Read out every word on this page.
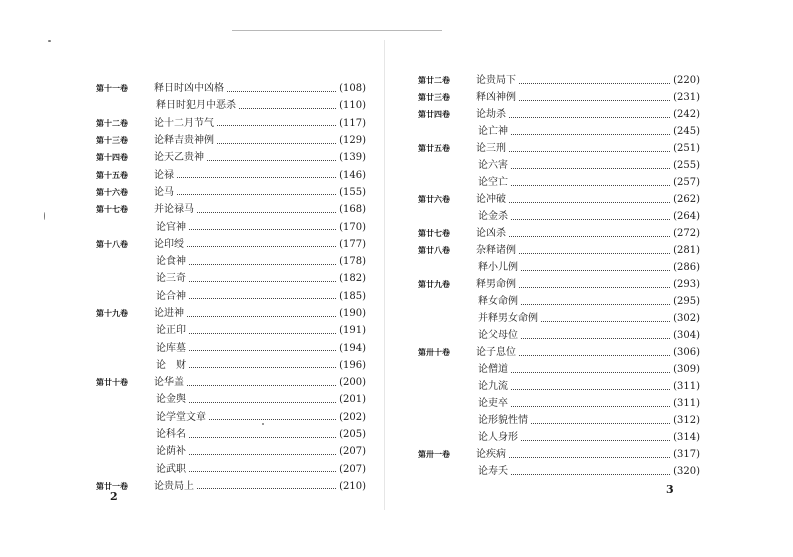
第十一卷	释日时凶中凶格	(108)
释日时犯月中恶杀	(110)
第十二卷	论十二月节气	(117)
第十三卷	论释吉贵神例	(129)
第十四卷	论天乙贵神	(139)
第十五卷	论禄	(146)
第十六卷	论马	(155)
第十七卷	并论禄马	(168)
论官神	(170)
第十八卷	论印绶	(177)
论食神	(178)
论三奇	(182)
论合神	(185)
第十九卷	论进神	(190)
论正印	(191)
论库墓	(194)
论　财	(196)
第廿十卷	论华盖	(200)
论金舆	(201)
论学堂文章	(202)
论科名	(205)
论荫补	(207)
论武职	(207)
第廿一卷	论贵局上	(210)
2
第廿二卷	论贵局下	(220)
第廿三卷	释凶神例	(231)
第廿四卷	论劫杀	(242)
论亡神	(245)
第廿五卷	论三刑	(251)
论六害	(255)
论空亡	(257)
第廿六卷	论冲破	(262)
论金杀	(264)
第廿七卷	论凶杀	(272)
第廿八卷	杂释诸例	(281)
释小儿例	(286)
第廿九卷	释男命例	(293)
释女命例	(295)
并释男女命例	(302)
论父母位	(304)
第卅十卷	论子息位	(306)
论僧道	(309)
论九流	(311)
论吏卒	(311)
论形貌性情	(312)
论人身形	(314)
第卅一卷	论疾病	(317)
论寿夭	(320)
3
